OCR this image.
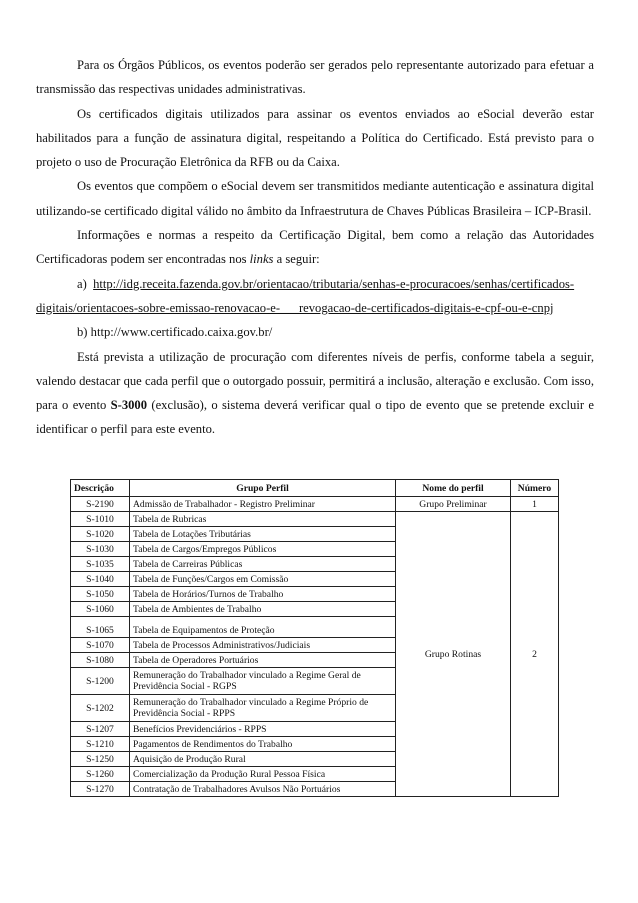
Para os Órgãos Públicos, os eventos poderão ser gerados pelo representante autorizado para efetuar a transmissão das respectivas unidades administrativas.

Os certificados digitais utilizados para assinar os eventos enviados ao eSocial deverão estar habilitados para a função de assinatura digital, respeitando a Política do Certificado. Está previsto para o projeto o uso de Procuração Eletrônica da RFB ou da Caixa.

Os eventos que compõem o eSocial devem ser transmitidos mediante autenticação e assinatura digital utilizando-se certificado digital válido no âmbito da Infraestrutura de Chaves Públicas Brasileira – ICP-Brasil.

Informações e normas a respeito da Certificação Digital, bem como a relação das Autoridades Certificadoras podem ser encontradas nos links a seguir:

a) http://idg.receita.fazenda.gov.br/orientacao/tributaria/senhas-e-procuracoes/senhas/certificados-digitais/orientacoes-sobre-emissao-renovacao-e-___revogacao-de-certificados-digitais-e-cpf-ou-e-cnpj

b) http://www.certificado.caixa.gov.br/

Está prevista a utilização de procuração com diferentes níveis de perfis, conforme tabela a seguir, valendo destacar que cada perfil que o outorgado possuir, permitirá a inclusão, alteração e exclusão. Com isso, para o evento S-3000 (exclusão), o sistema deverá verificar qual o tipo de evento que se pretende excluir e identificar o perfil para este evento.

Descrição	Grupo Perfil	Nome do perfil	Número
S-2190	Admissão de Trabalhador - Registro Preliminar	Grupo Preliminar	1
S-1010	Tabela de Rubricas	Grupo Rotinas	2
S-1020	Tabela de Lotações Tributárias		
S-1030	Tabela de Cargos/Empregos Públicos		
S-1035	Tabela de Carreiras Públicas		
S-1040	Tabela de Funções/Cargos em Comissão		
S-1050	Tabela de Horários/Turnos de Trabalho		
S-1060	Tabela de Ambientes de Trabalho		
S-1065	Tabela de Equipamentos de Proteção		
S-1070	Tabela de Processos Administrativos/Judiciais		
S-1080	Tabela de Operadores Portuários		
S-1200	Remuneração do Trabalhador vinculado a Regime Geral de Previdência Social - RGPS		
S-1202	Remuneração do Trabalhador vinculado a Regime Próprio de Previdência Social - RPPS		
S-1207	Benefícios Previdenciários - RPPS		
S-1210	Pagamentos de Rendimentos do Trabalho		
S-1250	Aquisição de Produção Rural		
S-1260	Comercialização da Produção Rural Pessoa Física		
S-1270	Contratação de Trabalhadores Avulsos Não Portuários		
